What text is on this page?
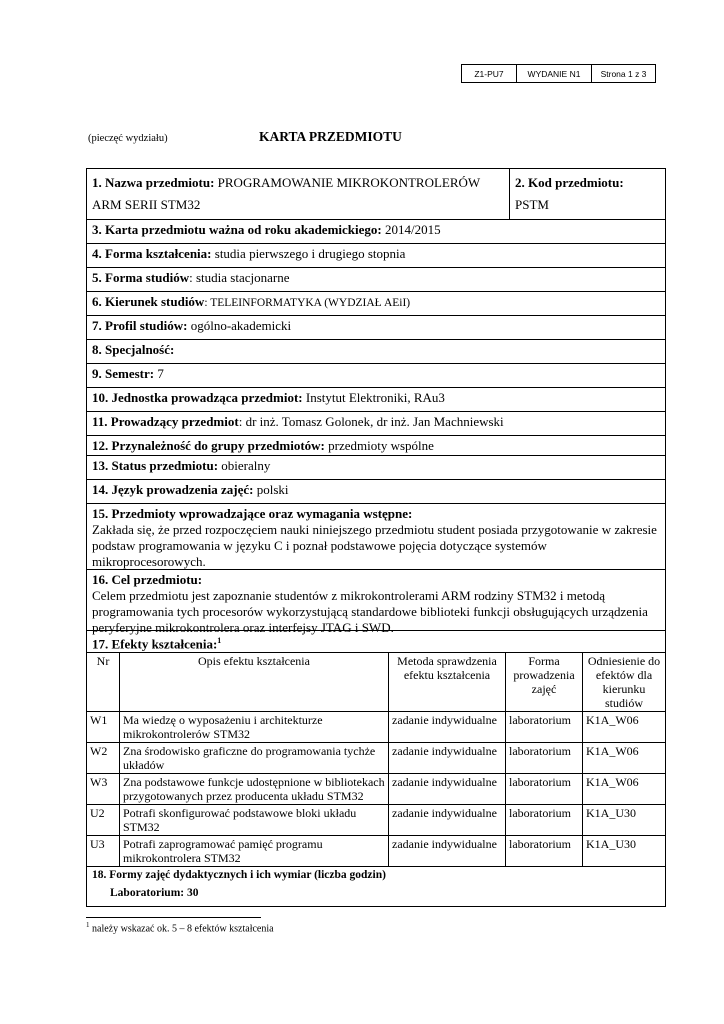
Z1-PU7	WYDANIE N1	Strona 1 z 3
(pieczęć wydziału)	KARTA PRZEDMIOTU
1. Nazwa przedmiotu: PROGRAMOWANIE MIKROKONTROLERÓW
ARM SERII STM32
2. Kod przedmiotu:
PSTM
3. Karta przedmiotu ważna od roku akademickiego: 2014/2015
4. Forma kształcenia: studia pierwszego i drugiego stopnia
5. Forma studiów: studia stacjonarne
6. Kierunek studiów: TELEINFORMATYKA (WYDZIAŁ AEiI)
7. Profil studiów: ogólno-akademicki
8. Specjalność:
9. Semestr: 7
10. Jednostka prowadząca przedmiot: Instytut Elektroniki, RAu3
11. Prowadzący przedmiot: dr inż. Tomasz Golonek, dr inż. Jan Machniewski
12. Przynależność do grupy przedmiotów: przedmioty wspólne
13. Status przedmiotu: obieralny
14. Język prowadzenia zajęć: polski
15. Przedmioty wprowadzające oraz wymagania wstępne:
Zakłada się, że przed rozpoczęciem nauki niniejszego przedmiotu student posiada przygotowanie w zakresie podstaw programowania w języku C i poznał podstawowe pojęcia dotyczące systemów mikroprocesorowych.
16. Cel przedmiotu:
Celem przedmiotu jest zapoznanie studentów z mikrokontrolerami ARM rodziny STM32 i metodą programowania tych procesorów wykorzystującą standardowe biblioteki funkcji obsługujących urządzenia peryferyjne mikrokontrolera oraz interfejsy JTAG i SWD.
17. Efekty kształcenia:$^1$
Nr	Opis efektu kształcenia	Metoda sprawdzenia efektu kształcenia	Forma prowadzenia zajęć	Odniesienie do efektów dla kierunku studiów
W1	Ma wiedzę o wyposażeniu i architekturze mikrokontrolerów STM32	zadanie indywidualne	laboratorium	K1A_W06
W2	Zna środowisko graficzne do programowania tychże układów	zadanie indywidualne	laboratorium	K1A_W06
W3	Zna podstawowe funkcje udostępnione w bibliotekach przygotowanych przez producenta układu STM32	zadanie indywidualne	laboratorium	K1A_W06
U2	Potrafi skonfigurować podstawowe bloki układu STM32	zadanie indywidualne	laboratorium	K1A_U30
U3	Potrafi zaprogramować pamięć programu mikrokontrolera STM32	zadanie indywidualne	laboratorium	K1A_U30
18. Formy zajęć dydaktycznych i ich wymiar (liczba godzin)
Laboratorium: 30
$^1$ należy wskazać ok. 5 – 8 efektów kształcenia
